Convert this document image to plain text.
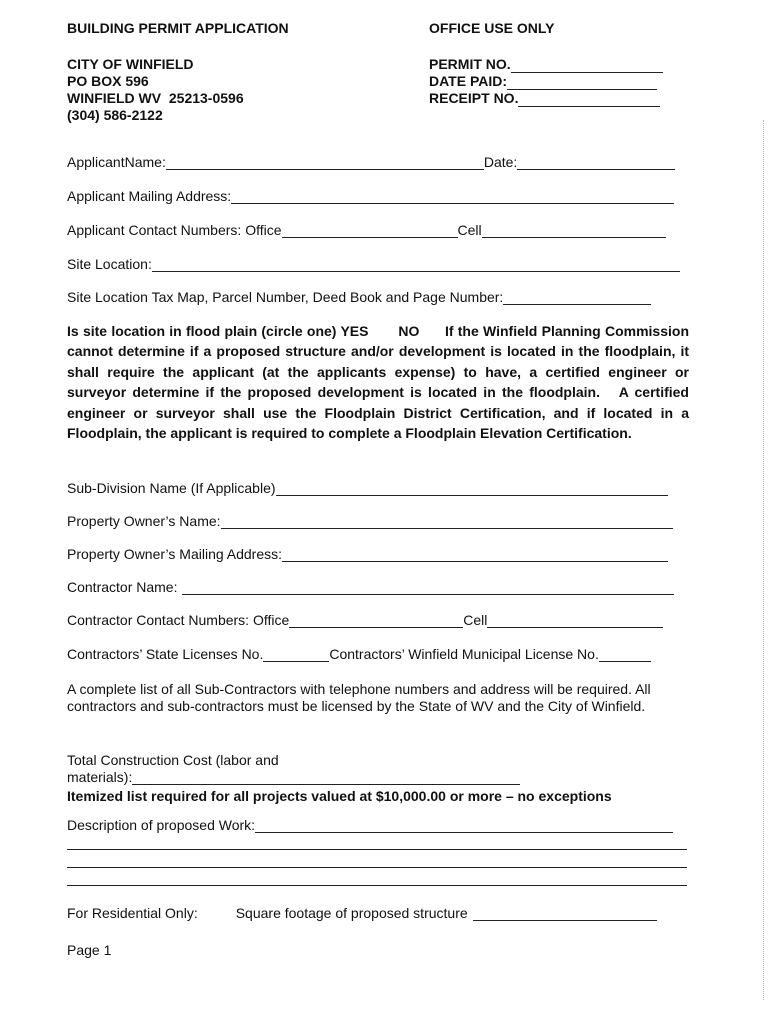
BUILDING PERMIT APPLICATION
CITY OF WINFIELD
PO BOX 596
WINFIELD WV  25213-0596
(304) 586-2122
OFFICE USE ONLY
PERMIT NO.
DATE PAID:
RECEIPT NO.
ApplicantName:	Date:
Applicant Mailing Address:
Applicant Contact Numbers: Office	Cell
Site Location:
Site Location Tax Map, Parcel Number, Deed Book and Page Number:
Is site location in flood plain (circle one) YES       NO      If the Winfield Planning Commission cannot determine if a proposed structure and/or development is located in the floodplain, it shall require the applicant (at the applicants expense) to have, a certified engineer or surveyor determine if the proposed development is located in the floodplain.   A certified engineer or surveyor shall use the Floodplain District Certification, and if located in a Floodplain, the applicant is required to complete a Floodplain Elevation Certification.
Sub-Division Name (If Applicable)
Property Owner’s Name:
Property Owner’s Mailing Address:
Contractor Name:
Contractor Contact Numbers: Office	Cell
Contractors’ State Licenses No.	Contractors’ Winfield Municipal License No.
A complete list of all Sub-Contractors with telephone numbers and address will be required. All contractors and sub-contractors must be licensed by the State of WV and the City of Winfield.
Total Construction Cost (labor and
materials):
Itemized list required for all projects valued at $10,000.00 or more – no exceptions
Description of proposed Work:
For Residential Only:	Square footage of proposed structure
Page 1
